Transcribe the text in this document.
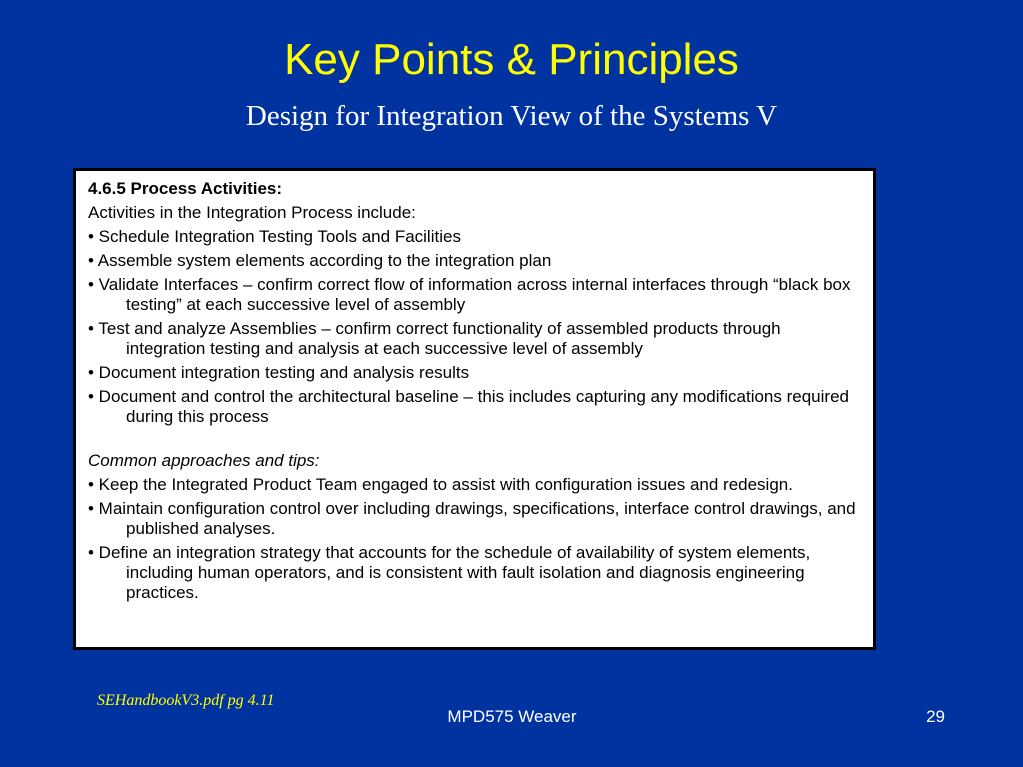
Key Points & Principles
Design for Integration View of the Systems V
4.6.5 Process Activities:
Activities in the Integration Process include:
• Schedule Integration Testing Tools and Facilities
• Assemble system elements according to the integration plan
• Validate Interfaces – confirm correct flow of information across internal interfaces through “black box testing” at each successive level of assembly
• Test and analyze Assemblies – confirm correct functionality of assembled products through integration testing and analysis at each successive level of assembly
• Document integration testing and analysis results
• Document and control the architectural baseline – this includes capturing any modifications required during this process
Common approaches and tips:
• Keep the Integrated Product Team engaged to assist with configuration issues and redesign.
• Maintain configuration control over including drawings, specifications, interface control drawings, and published analyses.
• Define an integration strategy that accounts for the schedule of availability of system elements, including human operators, and is consistent with fault isolation and diagnosis engineering practices.
SEHandbookV3.pdf pg 4.11
MPD575 Weaver	29
